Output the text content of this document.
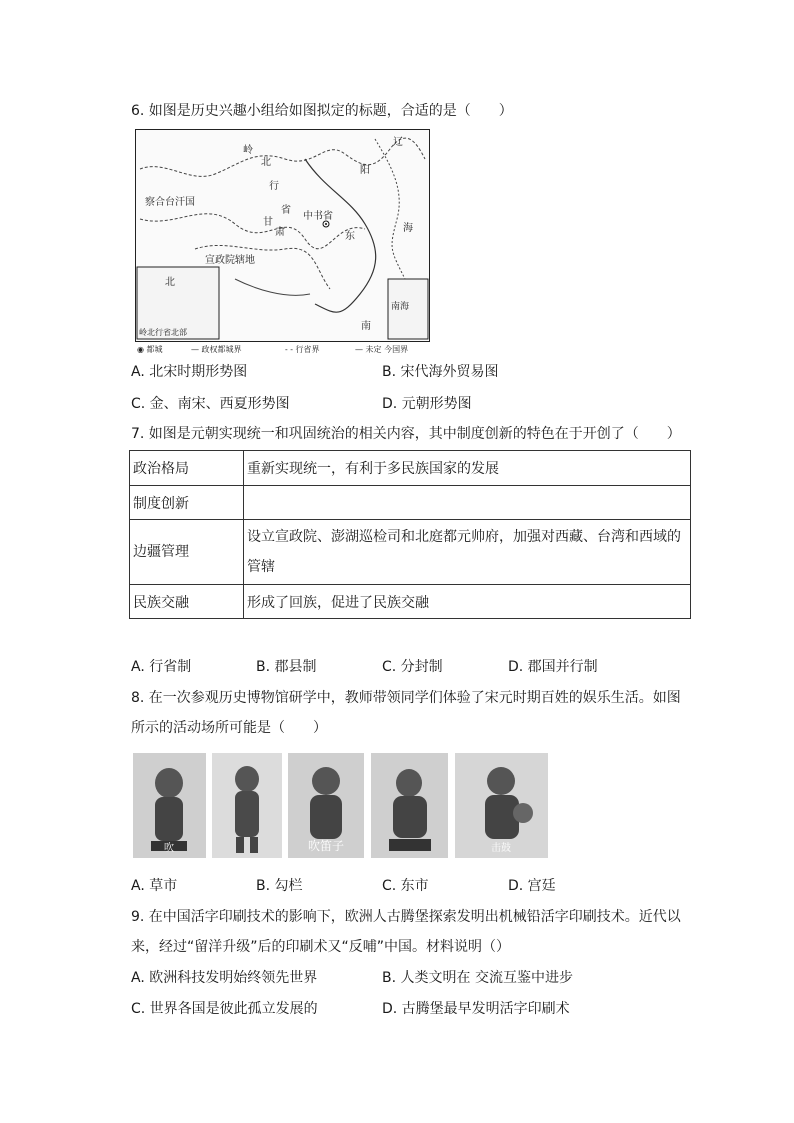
6. 如图是历史兴趣小组给如图拟定的标题，合适的是（　　）
岭
北
行
省
辽
阳
察合台汗国
中书省
宣政院辖地
甘
肃	海
东
南
北
岭北行省北部
南海
◉ 都城	— 政权都城界	- - 行省界	— 未定 今国界
A. 北宋时期形势图	B. 宋代海外贸易图
C. 金、南宋、西夏形势图	D. 元朝形势图
7. 如图是元朝实现统一和巩固统治的相关内容，其中制度创新的特色在于开创了（　　）
政治格局	重新实现统一，有利于多民族国家的发展
制度创新	
边疆管理	设立宣政院、澎湖巡检司和北庭都元帅府，加强对西藏、台湾和西域的管辖
民族交融	形成了回族，促进了民族交融
A. 行省制	B. 郡县制	C. 分封制	D. 郡国并行制
8. 在一次参观历史博物馆研学中，教师带领同学们体验了宋元时期百姓的娱乐生活。如图
所示的活动场所可能是（　　）
吹	吹笛子	击鼓
A. 草市	B. 勾栏	C. 东市	D. 宫廷
9. 在中国活字印刷技术的影响下，欧洲人古腾堡探索发明出机械铅活字印刷技术。近代以
来，经过“留洋升级”后的印刷术又“反哺”中国。材料说明（）
A. 欧洲科技发明始终领先世界	B. 人类文明在 交流互鉴中进步
C. 世界各国是彼此孤立发展的	D. 古腾堡最早发明活字印刷术
